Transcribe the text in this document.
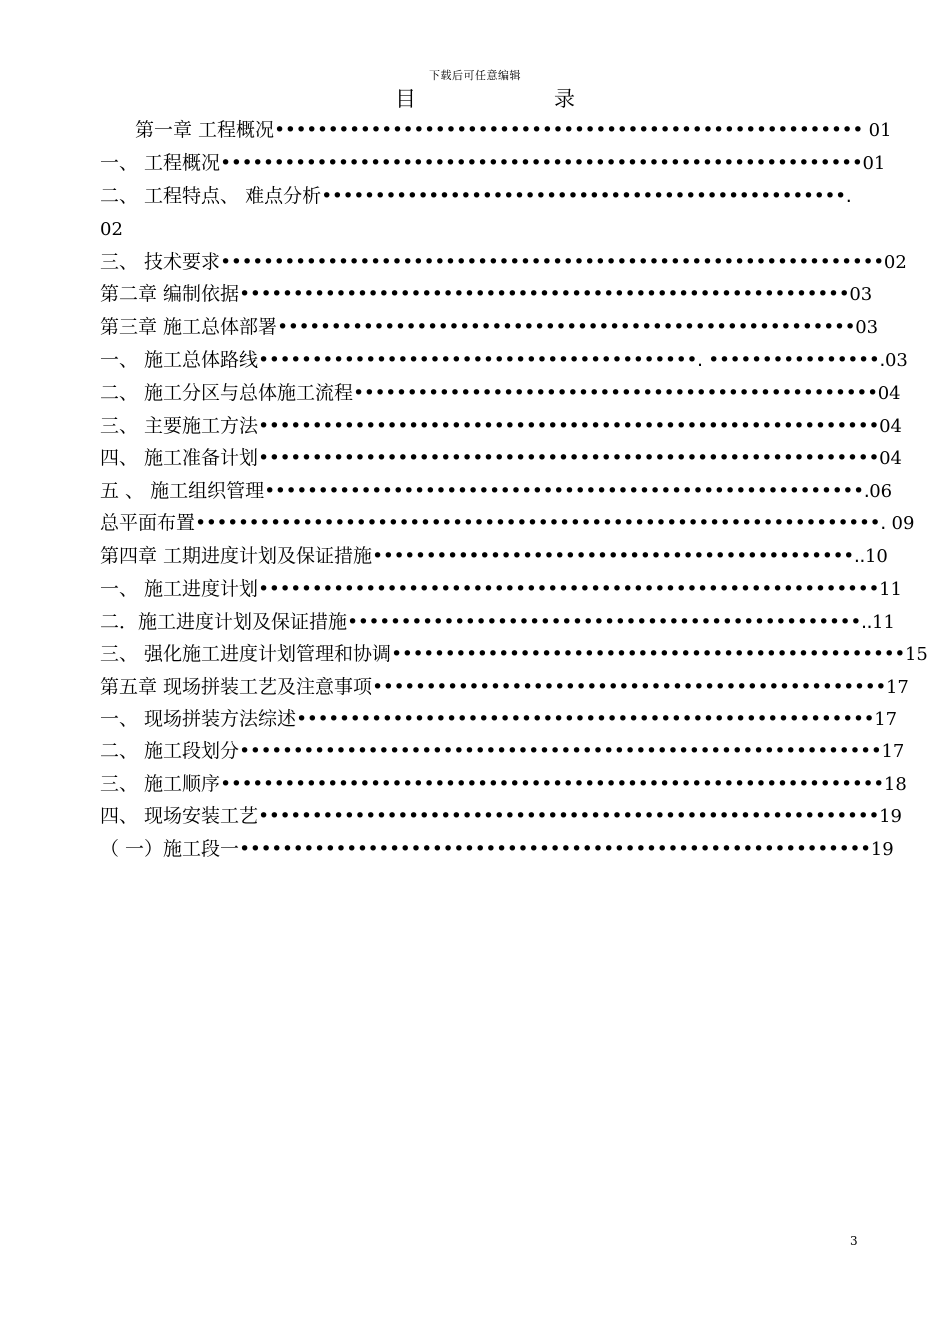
下载后可任意编辑
目	录
第一章 工程概况••••••••••••••••••••••••••••••••••••••••••••••••••••••• 01
一、 工程概况••••••••••••••••••••••••••••••••••••••••••••••••••••••••••••01
二、 工程特点、 难点分析•••••••••••••••••••••••••••••••••••••••••••••••••.
02
三、 技术要求••••••••••••••••••••••••••••••••••••••••••••••••••••••••••••••02
第二章 编制依据•••••••••••••••••••••••••••••••••••••••••••••••••••••••••03
第三章 施工总体部署••••••••••••••••••••••••••••••••••••••••••••••••••••••03
一、 施工总体路线•••••••••••••••••••••••••••••••••••••••••. ••••••••••••••••.03
二、 施工分区与总体施工流程•••••••••••••••••••••••••••••••••••••••••••••••••04
三、 主要施工方法••••••••••••••••••••••••••••••••••••••••••••••••••••••••••04
四、 施工准备计划••••••••••••••••••••••••••••••••••••••••••••••••••••••••••04
五 、 施工组织管理••••••••••••••••••••••••••••••••••••••••••••••••••••••••.06
总平面布置••••••••••••••••••••••••••••••••••••••••••••••••••••••••••••••••. 09
第四章 工期进度计划及保证措施•••••••••••••••••••••••••••••••••••••••••••••..10
一、 施工进度计划••••••••••••••••••••••••••••••••••••••••••••••••••••••••••11
二．施工进度计划及保证措施••••••••••••••••••••••••••••••••••••••••••••••••..11
三、 强化施工进度计划管理和协调••••••••••••••••••••••••••••••••••••••••••••••••15
第五章 现场拼装工艺及注意事项••••••••••••••••••••••••••••••••••••••••••••••••17
一、 现场拼装方法综述••••••••••••••••••••••••••••••••••••••••••••••••••••••17
二、 施工段划分••••••••••••••••••••••••••••••••••••••••••••••••••••••••••••17
三、 施工顺序••••••••••••••••••••••••••••••••••••••••••••••••••••••••••••••18
四、 现场安装工艺••••••••••••••••••••••••••••••••••••••••••••••••••••••••••19
（ 一）施工段一•••••••••••••••••••••••••••••••••••••••••••••••••••••••••••19
3
